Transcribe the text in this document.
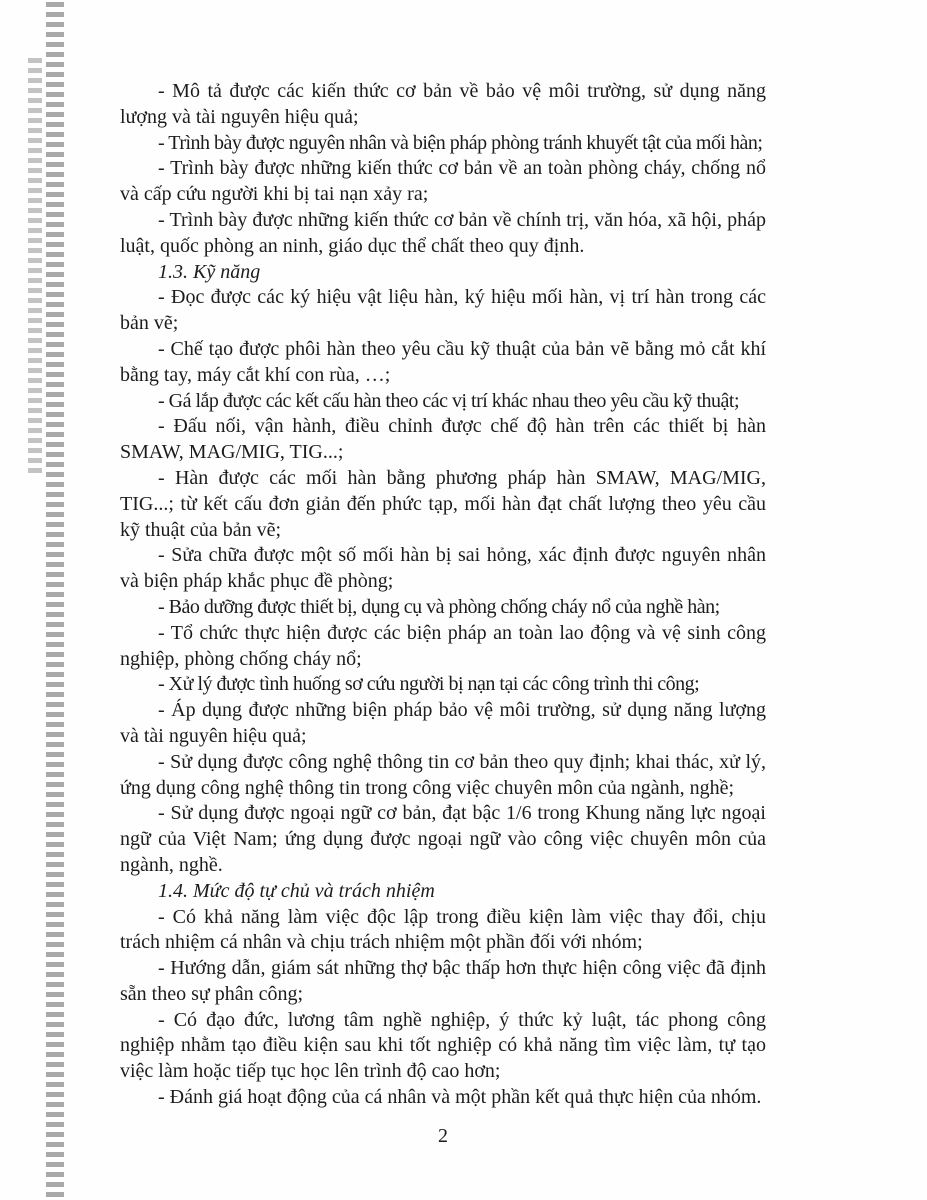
- Mô tả được các kiến thức cơ bản về bảo vệ môi trường, sử dụng năng lượng và tài nguyên hiệu quả;

- Trình bày được nguyên nhân và biện pháp phòng tránh khuyết tật của mối hàn;

- Trình bày được những kiến thức cơ bản về an toàn phòng cháy, chống nổ và cấp cứu người khi bị tai nạn xảy ra;

- Trình bày được những kiến thức cơ bản về chính trị, văn hóa, xã hội, pháp luật, quốc phòng an ninh, giáo dục thể chất theo quy định.

1.3. Kỹ năng

- Đọc được các ký hiệu vật liệu hàn, ký hiệu mối hàn, vị trí hàn trong các bản vẽ;

- Chế tạo được phôi hàn theo yêu cầu kỹ thuật của bản vẽ bằng mỏ cắt khí bằng tay, máy cắt khí con rùa, …;

- Gá lắp được các kết cấu hàn theo các vị trí khác nhau theo yêu cầu kỹ thuật;

- Đấu nối, vận hành, điều chỉnh được chế độ hàn trên các thiết bị hàn SMAW, MAG/MIG, TIG...;

- Hàn được các mối hàn bằng phương pháp hàn SMAW, MAG/MIG, TIG...; từ kết cấu đơn giản đến phức tạp, mối hàn đạt chất lượng theo yêu cầu kỹ thuật của bản vẽ;

- Sửa chữa được một số mối hàn bị sai hỏng, xác định được nguyên nhân và biện pháp khắc phục đề phòng;

- Bảo dưỡng được thiết bị, dụng cụ và phòng chống cháy nổ của nghề hàn;

- Tổ chức thực hiện được các biện pháp an toàn lao động và vệ sinh công nghiệp, phòng chống cháy nổ;

- Xử lý được tình huống sơ cứu người bị nạn tại các công trình thi công;

- Áp dụng được những biện pháp bảo vệ môi trường, sử dụng năng lượng và tài nguyên hiệu quả;

- Sử dụng được công nghệ thông tin cơ bản theo quy định; khai thác, xử lý, ứng dụng công nghệ thông tin trong công việc chuyên môn của ngành, nghề;

- Sử dụng được ngoại ngữ cơ bản, đạt bậc 1/6 trong Khung năng lực ngoại ngữ của Việt Nam; ứng dụng được ngoại ngữ vào công việc chuyên môn của ngành, nghề.

1.4. Mức độ tự chủ và trách nhiệm

- Có khả năng làm việc độc lập trong điều kiện làm việc thay đổi, chịu trách nhiệm cá nhân và chịu trách nhiệm một phần đối với nhóm;

- Hướng dẫn, giám sát những thợ bậc thấp hơn thực hiện công việc đã định sẵn theo sự phân công;

- Có đạo đức, lương tâm nghề nghiệp, ý thức kỷ luật, tác phong công nghiệp nhằm tạo điều kiện sau khi tốt nghiệp có khả năng tìm việc làm, tự tạo việc làm hoặc tiếp tục học lên trình độ cao hơn;

- Đánh giá hoạt động của cá nhân và một phần kết quả thực hiện của nhóm.

2
